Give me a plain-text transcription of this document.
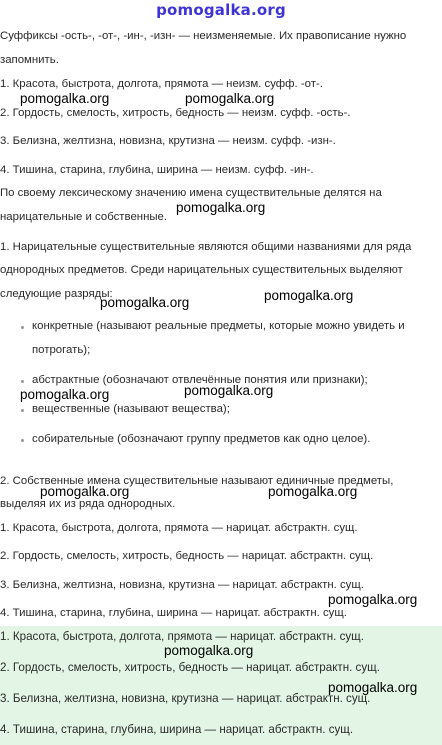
pomogalka.org
Суффиксы -ость-, -от-, -ин-, -изн- — неизменяемые. Их правописание нужно
запомнить.
1. Красота, быстрота, долгота, прямота — неизм. суфф. -от-.
2. Гордость, смелость, хитрость, бедность — неизм. суфф. -ость-.
3. Белизна, желтизна, новизна, крутизна — неизм. суфф. -изн-.
4. Тишина, старина, глубина, ширина — неизм. суфф. -ин-.
По своему лексическому значению имена существительные делятся на
нарицательные и собственные.
1. Нарицательные существительные являются общими названиями для ряда
однородных предметов. Среди нарицательных существительных выделяют
следующие разряды:
конкретные (называют реальные предметы, которые можно увидеть и
потрогать);
абстрактные (обозначают отвлечённые понятия или признаки);
вещественные (называют вещества);
собирательные (обозначают группу предметов как одно целое).
2. Собственные имена существительные называют единичные предметы,
выделяя их из ряда однородных.
1. Красота, быстрота, долгота, прямота — нарицат. абстрактн. сущ.
2. Гордость, смелость, хитрость, бедность — нарицат. абстрактн. сущ.
3. Белизна, желтизна, новизна, крутизна — нарицат. абстрактн. сущ.
4. Тишина, старина, глубина, ширина — нарицат. абстрактн. сущ.
1. Красота, быстрота, долгота, прямота — нарицат. абстрактн. сущ.
2. Гордость, смелость, хитрость, бедность — нарицат. абстрактн. сущ.
3. Белизна, желтизна, новизна, крутизна — нарицат. абстрактн. сущ.
4. Тишина, старина, глубина, ширина — нарицат. абстрактн. сущ.
pomogalka.org	pomogalka.org
pomogalka.org
pomogalka.org	pomogalka.org
pomogalka.org	pomogalka.org
pomogalka.org	pomogalka.org
pomogalka.org
pomogalka.org
pomogalka.org
